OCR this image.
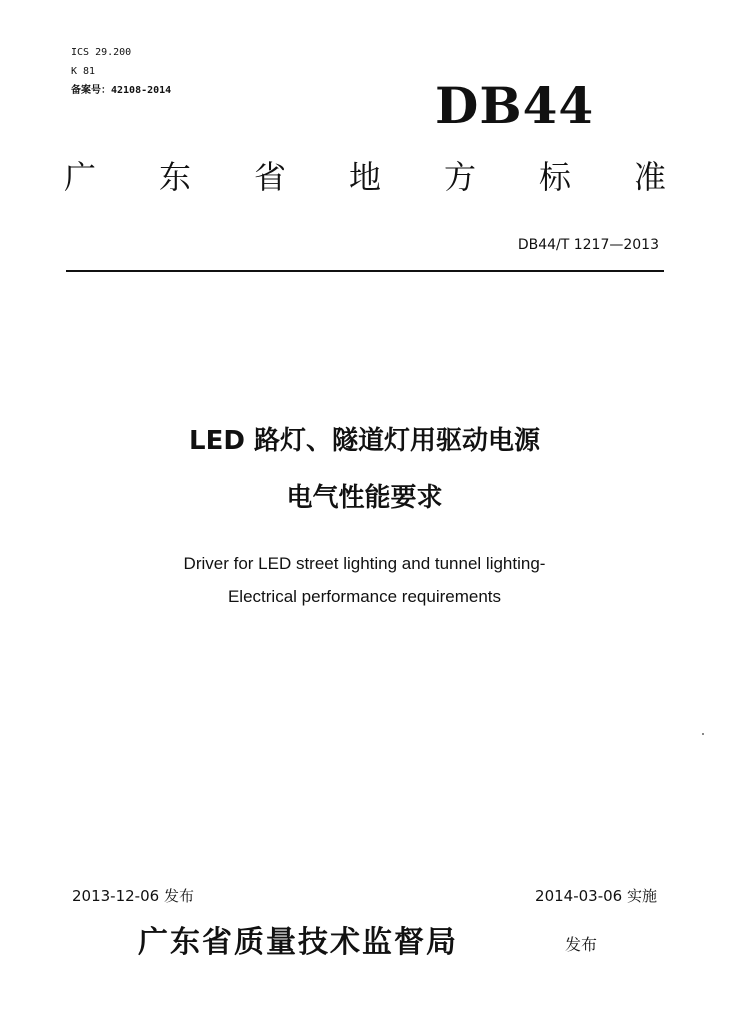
ICS 29.200
K 81
备案号：42108-2014	DB44
广 东 省 地 方 标 准
DB44/T 1217—2013
LED 路灯、隧道灯用驱动电源
电气性能要求
Driver for LED street lighting and tunnel lighting-
Electrical performance requirements
2013-12-06 发布	2014-03-06 实施
广东省质量技术监督局	发布
